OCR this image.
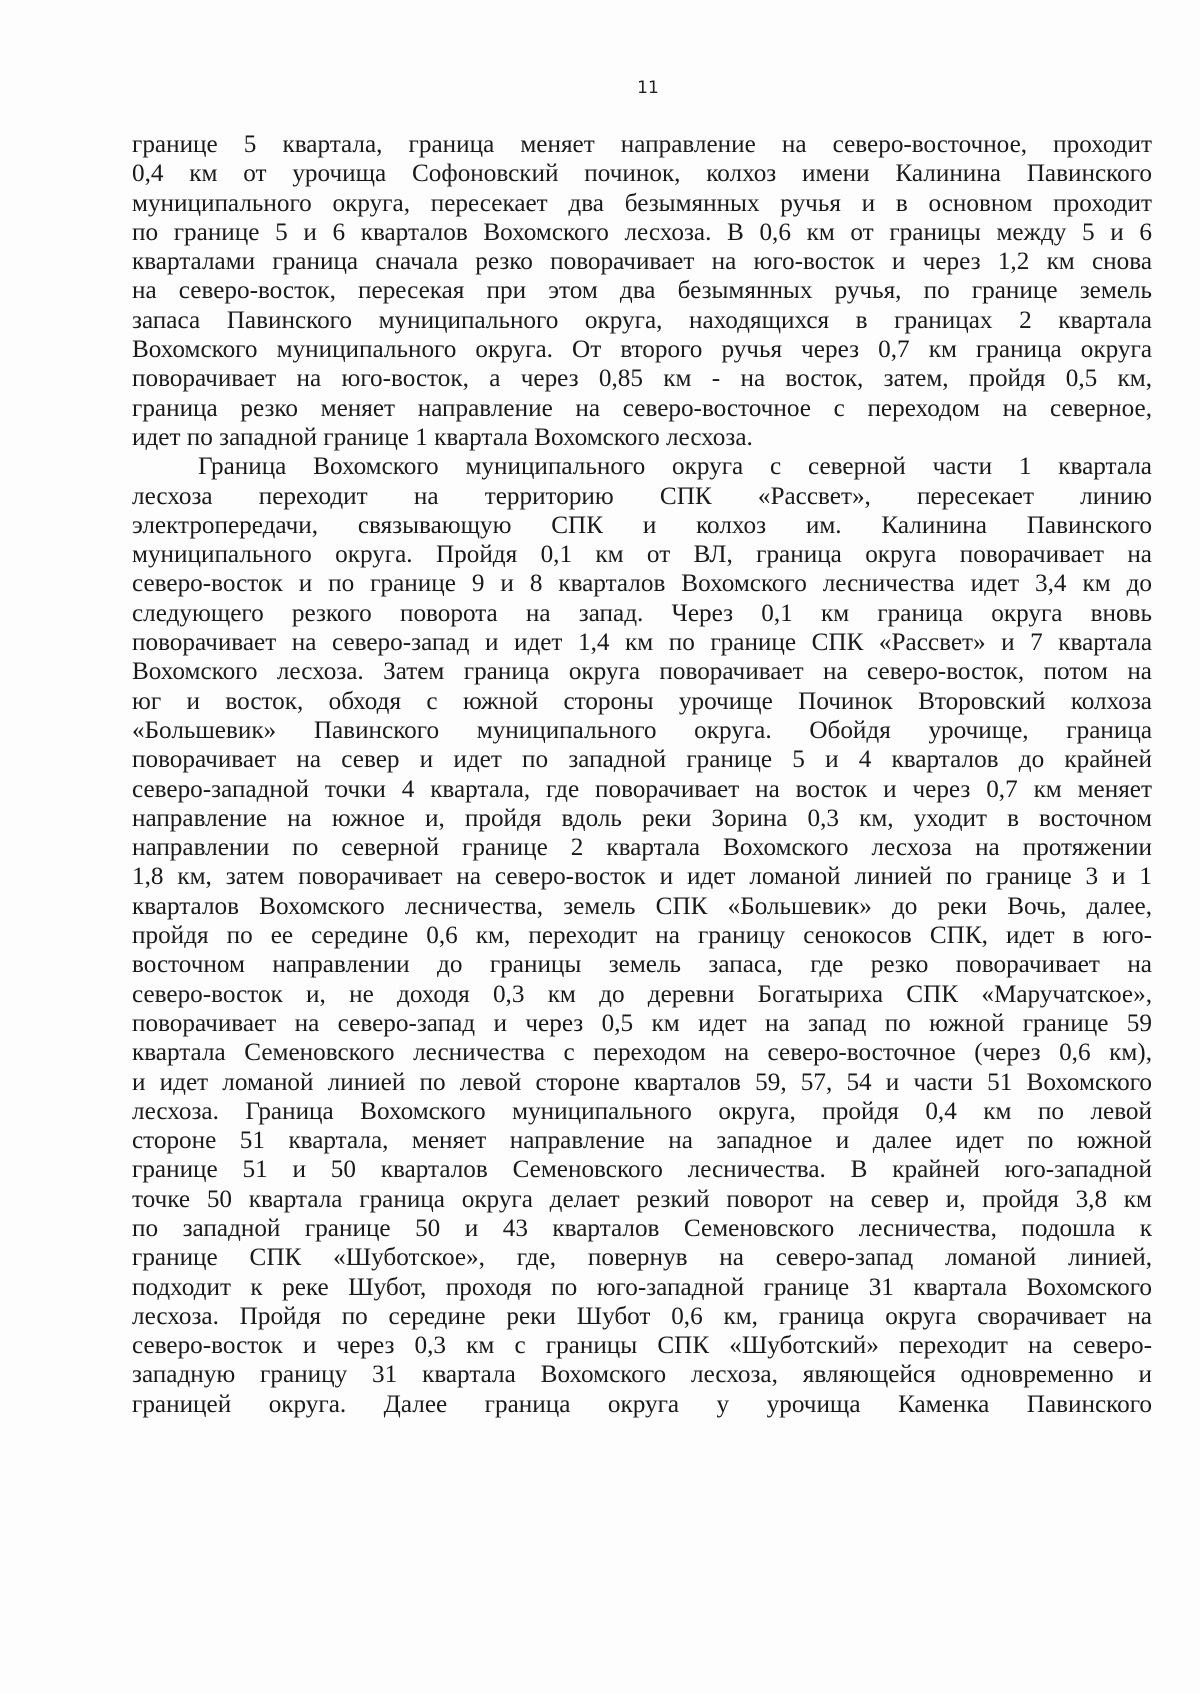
11
границе 5 квартала, граница меняет направление на северо-восточное, проходит
0,4 км от урочища Софоновский починок, колхоз имени Калинина Павинского
муниципального округа, пересекает два безымянных ручья и в основном проходит
по границе 5 и 6 кварталов Вохомского лесхоза. В 0,6 км от границы между 5 и 6
кварталами граница сначала резко поворачивает на юго-восток и через 1,2 км снова
на северо-восток, пересекая при этом два безымянных ручья, по границе земель
запаса Павинского муниципального округа, находящихся в границах 2 квартала
Вохомского муниципального округа. От второго ручья через 0,7 км граница округа
поворачивает на юго-восток, а через 0,85 км - на восток, затем, пройдя 0,5 км,
граница резко меняет направление на северо-восточное с переходом на северное,
идет по западной границе 1 квартала Вохомского лесхоза.
Граница Вохомского муниципального округа с северной части 1 квартала
лесхоза переходит на территорию СПК «Рассвет», пересекает линию
электропередачи, связывающую СПК и колхоз им. Калинина Павинского
муниципального округа. Пройдя 0,1 км от ВЛ, граница округа поворачивает на
северо-восток и по границе 9 и 8 кварталов Вохомского лесничества идет 3,4 км до
следующего резкого поворота на запад. Через 0,1 км граница округа вновь
поворачивает на северо-запад и идет 1,4 км по границе СПК «Рассвет» и 7 квартала
Вохомского лесхоза. Затем граница округа поворачивает на северо-восток, потом на
юг и восток, обходя с южной стороны урочище Починок Второвский колхоза
«Большевик» Павинского муниципального округа. Обойдя урочище, граница
поворачивает на север и идет по западной границе 5 и 4 кварталов до крайней
северо-западной точки 4 квартала, где поворачивает на восток и через 0,7 км меняет
направление на южное и, пройдя вдоль реки Зорина 0,3 км, уходит в восточном
направлении по северной границе 2 квартала Вохомского лесхоза на протяжении
1,8 км, затем поворачивает на северо-восток и идет ломаной линией по границе 3 и 1
кварталов Вохомского лесничества, земель СПК «Большевик» до реки Вочь, далее,
пройдя по ее середине 0,6 км, переходит на границу сенокосов СПК, идет в юго-
восточном направлении до границы земель запаса, где резко поворачивает на
северо-восток и, не доходя 0,3 км до деревни Богатыриха СПК «Маручатское»,
поворачивает на северо-запад и через 0,5 км идет на запад по южной границе 59
квартала Семеновского лесничества с переходом на северо-восточное (через 0,6 км),
и идет ломаной линией по левой стороне кварталов 59, 57, 54 и части 51 Вохомского
лесхоза. Граница Вохомского муниципального округа, пройдя 0,4 км по левой
стороне 51 квартала, меняет направление на западное и далее идет по южной
границе 51 и 50 кварталов Семеновского лесничества. В крайней юго-западной
точке 50 квартала граница округа делает резкий поворот на север и, пройдя 3,8 км
по западной границе 50 и 43 кварталов Семеновского лесничества, подошла к
границе СПК «Шуботское», где, повернув на северо-запад ломаной линией,
подходит к реке Шубот, проходя по юго-западной границе 31 квартала Вохомского
лесхоза. Пройдя по середине реки Шубот 0,6 км, граница округа сворачивает на
северо-восток и через 0,3 км с границы СПК «Шуботский» переходит на северо-
западную границу 31 квартала Вохомского лесхоза, являющейся одновременно и
границей округа. Далее граница округа у урочища Каменка Павинского
